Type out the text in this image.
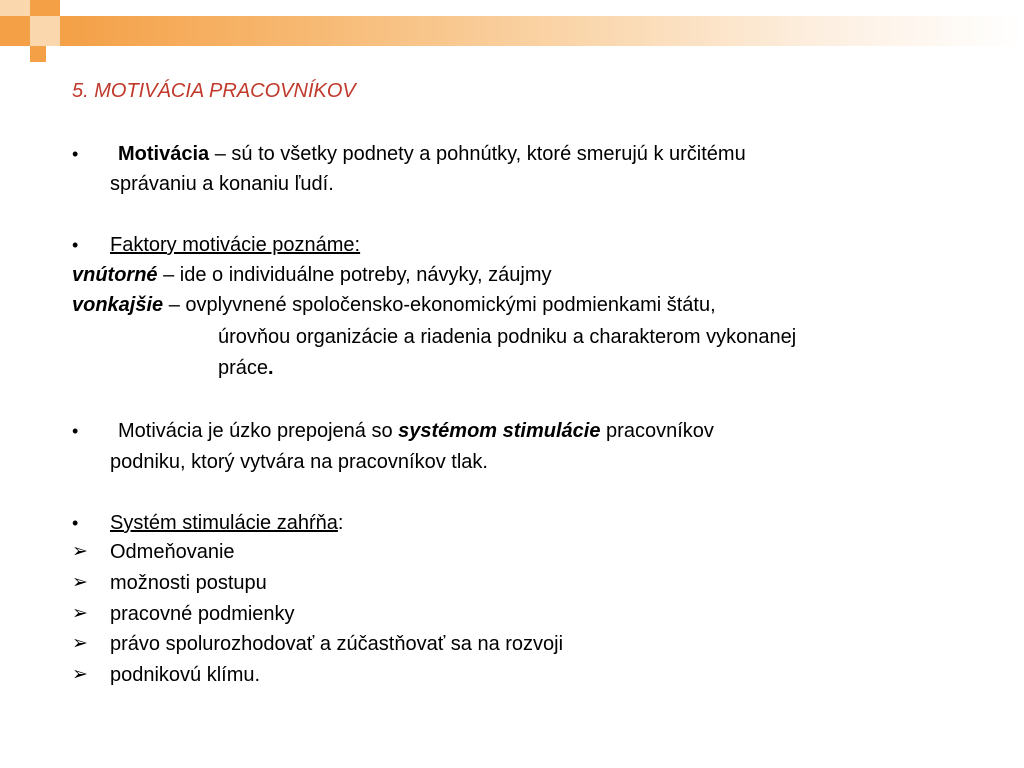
5. MOTIVÁCIA PRACOVNÍKOV
• Motivácia – sú to všetky podnety a pohnútky, ktoré smerujú k určitému
správaniu a konaniu ľudí.
• Faktory motivácie poznáme:
vnútorné – ide o individuálne potreby, návyky, záujmy
vonkajšie – ovplyvnené spoločensko-ekonomickými podmienkami štátu,
úrovňou organizácie a riadenia podniku a charakterom vykonanej
práce.
• Motivácia je úzko prepojená so systémom stimulácie pracovníkov
podniku, ktorý vytvára na pracovníkov tlak.
• Systém stimulácie zahŕňa:
➢ Odmeňovanie
➢ možnosti postupu
➢ pracovné podmienky
➢ právo spolurozhodovať a zúčastňovať sa na rozvoji
➢ podnikovú klímu.
